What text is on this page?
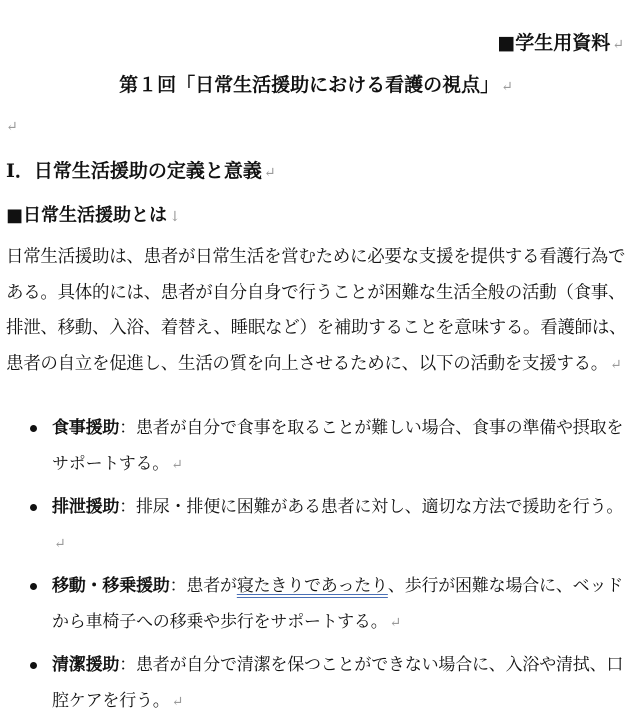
■学生用資料 ↵
第１回「日常生活援助における看護の視点」 ↵
↵
Ⅰ．日常生活援助の定義と意義 ↵
■日常生活援助とは ↓

日常生活援助は、患者が日常生活を営むために必要な支援を提供する看護行為である。具体的には、患者が自分自身で行うことが困難な生活全般の活動（食事、排泄、移動、入浴、着替え、睡眠など）を補助することを意味する。看護師は、患者の自立を促進し、生活の質を向上させるために、以下の活動を支援する。 ↵

食事援助：患者が自分で食事を取ることが難しい場合、食事の準備や摂取をサポートする。 ↵
排泄援助：排尿・排便に困難がある患者に対し、適切な方法で援助を行う。↵
移動・移乗援助：患者が寝たきりであったり、歩行が困難な場合に、ベッドから車椅子への移乗や歩行をサポートする。 ↵
清潔援助：患者が自分で清潔を保つことができない場合に、入浴や清拭、口腔ケアを行う。 ↵
